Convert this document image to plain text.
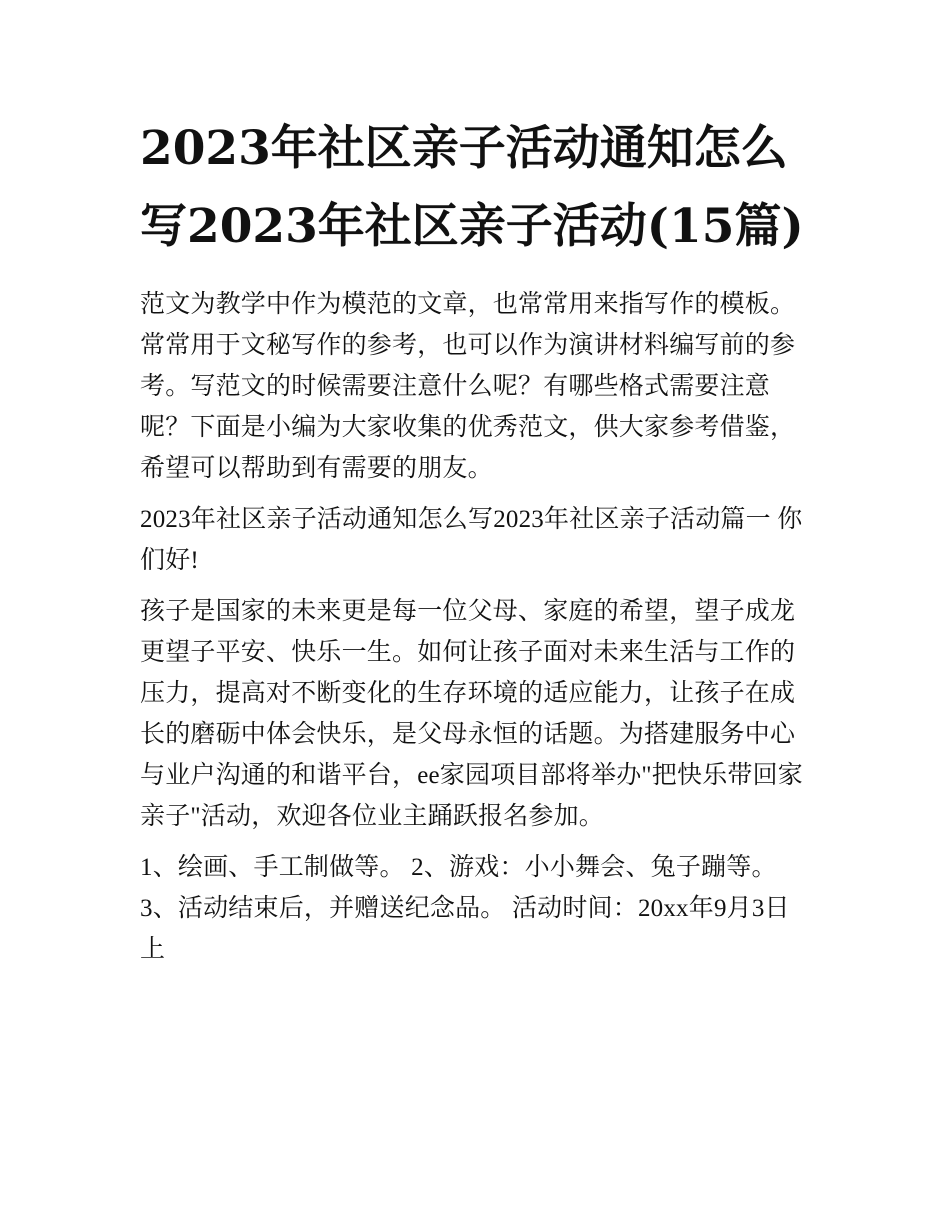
2023年社区亲子活动通知怎么写2023年社区亲子活动(15篇)

范文为教学中作为模范的文章，也常常用来指写作的模板。常常用于文秘写作的参考，也可以作为演讲材料编写前的参考。写范文的时候需要注意什么呢？有哪些格式需要注意呢？下面是小编为大家收集的优秀范文，供大家参考借鉴，希望可以帮助到有需要的朋友。

2023年社区亲子活动通知怎么写2023年社区亲子活动篇一 你们好!

孩子是国家的未来更是每一位父母、家庭的希望，望子成龙更望子平安、快乐一生。如何让孩子面对未来生活与工作的压力，提高对不断变化的生存环境的适应能力，让孩子在成长的磨砺中体会快乐，是父母永恒的话题。为搭建服务中心与业户沟通的和谐平台，ee家园项目部将举办"把快乐带回家亲子"活动，欢迎各位业主踊跃报名参加。

1、绘画、手工制做等。 2、游戏：小小舞会、兔子蹦等。 3、活动结束后，并赠送纪念品。 活动时间：20xx年9月3日 上
